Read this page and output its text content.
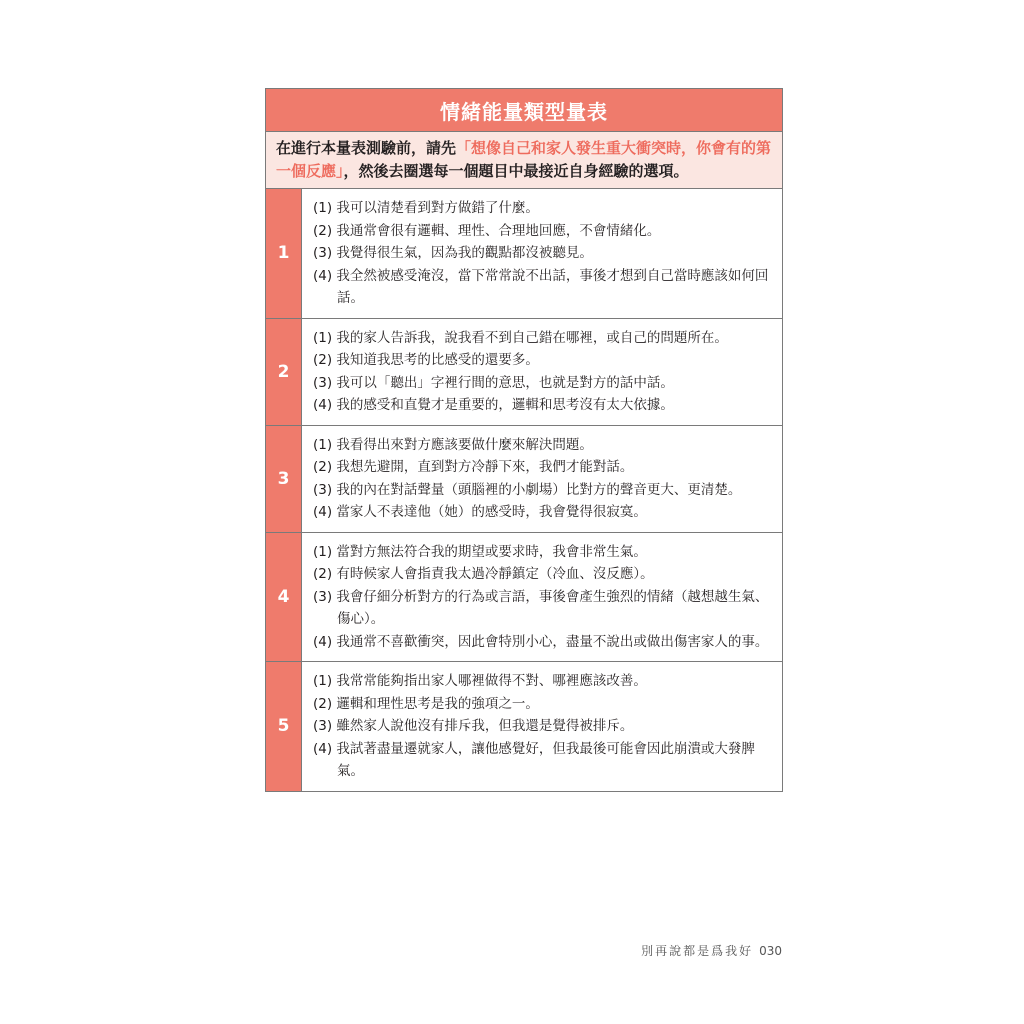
情緒能量類型量表
在進行本量表測驗前，請先「想像自己和家人發生重大衝突時，你會有的第一個反應」，然後去圈選每一個題目中最接近自身經驗的選項。
1
(1) 我可以清楚看到對方做錯了什麼。
(2) 我通常會很有邏輯、理性、合理地回應，不會情緒化。
(3) 我覺得很生氣，因為我的觀點都沒被聽見。
(4) 我全然被感受淹沒，當下常常說不出話，事後才想到自己當時應該如何回話。
2
(1) 我的家人告訴我，說我看不到自己錯在哪裡，或自己的問題所在。
(2) 我知道我思考的比感受的還要多。
(3) 我可以「聽出」字裡行間的意思，也就是對方的話中話。
(4) 我的感受和直覺才是重要的，邏輯和思考沒有太大依據。
3
(1) 我看得出來對方應該要做什麼來解決問題。
(2) 我想先避開，直到對方冷靜下來，我們才能對話。
(3) 我的內在對話聲量（頭腦裡的小劇場）比對方的聲音更大、更清楚。
(4) 當家人不表達他（她）的感受時，我會覺得很寂寞。
4
(1) 當對方無法符合我的期望或要求時，我會非常生氣。
(2) 有時候家人會指責我太過冷靜鎮定（冷血、沒反應）。
(3) 我會仔細分析對方的行為或言語，事後會產生強烈的情緒（越想越生氣、傷心）。
(4) 我通常不喜歡衝突，因此會特別小心，盡量不說出或做出傷害家人的事。
5
(1) 我常常能夠指出家人哪裡做得不對、哪裡應該改善。
(2) 邏輯和理性思考是我的強項之一。
(3) 雖然家人說他沒有排斥我，但我還是覺得被排斥。
(4) 我試著盡量遷就家人，讓他感覺好，但我最後可能會因此崩潰或大發脾氣。
別再說都是爲我好 030
